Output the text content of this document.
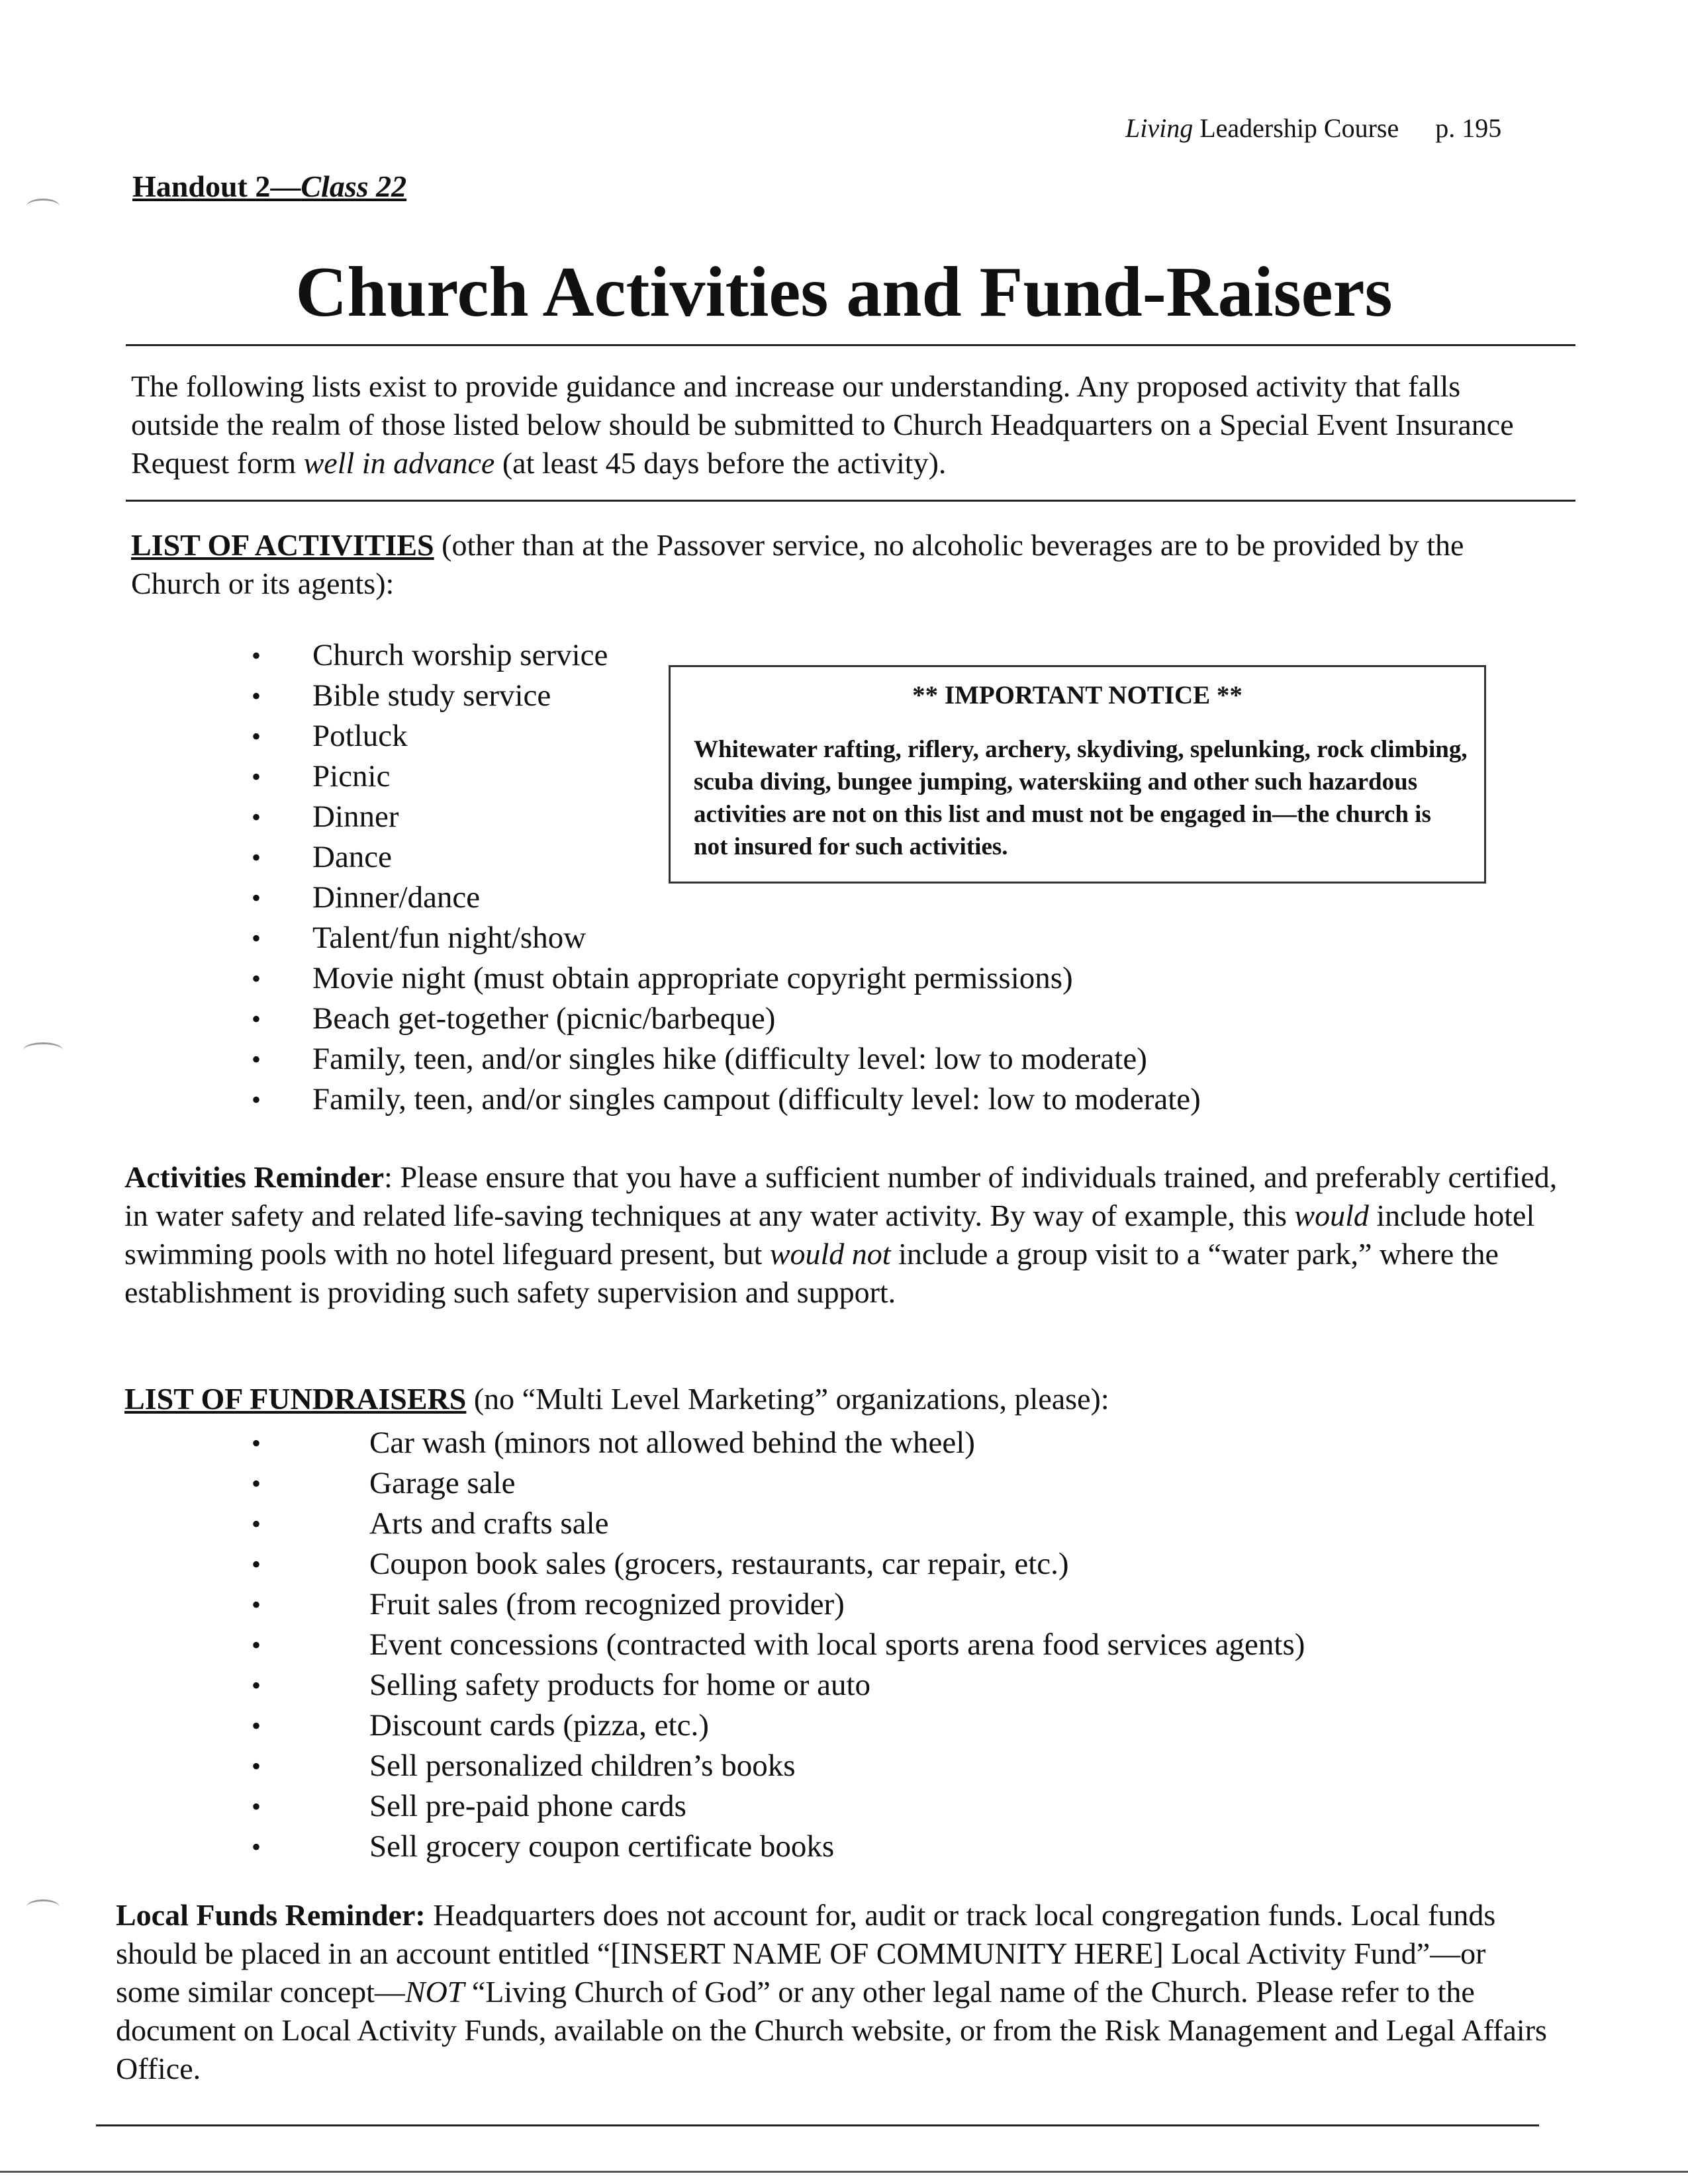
Living Leadership Course p. 195
Handout 2—Class 22
Church Activities and Fund-Raisers
The following lists exist to provide guidance and increase our understanding. Any proposed activity that falls outside the realm of those listed below should be submitted to Church Headquarters on a Special Event Insurance Request form well in advance (at least 45 days before the activity).
LIST OF ACTIVITIES (other than at the Passover service, no alcoholic beverages are to be provided by the Church or its agents):
• Church worship service
• Bible study service
• Potluck
• Picnic
• Dinner
• Dance
• Dinner/dance
• Talent/fun night/show
• Movie night (must obtain appropriate copyright permissions)
• Beach get-together (picnic/barbeque)
• Family, teen, and/or singles hike (difficulty level: low to moderate)
• Family, teen, and/or singles campout (difficulty level: low to moderate)
** IMPORTANT NOTICE **
Whitewater rafting, riflery, archery, skydiving, spelunking, rock climbing, scuba diving, bungee jumping, waterskiing and other such hazardous activities are not on this list and must not be engaged in—the church is not insured for such activities.
Activities Reminder: Please ensure that you have a sufficient number of individuals trained, and preferably certified, in water safety and related life-saving techniques at any water activity. By way of example, this would include hotel swimming pools with no hotel lifeguard present, but would not include a group visit to a “water park,” where the establishment is providing such safety supervision and support.
LIST OF FUNDRAISERS (no “Multi Level Marketing” organizations, please):
•	Car wash (minors not allowed behind the wheel)
•	Garage sale
•	Arts and crafts sale
•	Coupon book sales (grocers, restaurants, car repair, etc.)
•	Fruit sales (from recognized provider)
•	Event concessions (contracted with local sports arena food services agents)
•	Selling safety products for home or auto
•	Discount cards (pizza, etc.)
•	Sell personalized children’s books
•	Sell pre-paid phone cards
•	Sell grocery coupon certificate books
Local Funds Reminder: Headquarters does not account for, audit or track local congregation funds. Local funds should be placed in an account entitled “[INSERT NAME OF COMMUNITY HERE] Local Activity Fund”—or some similar concept—NOT “Living Church of God” or any other legal name of the Church. Please refer to the document on Local Activity Funds, available on the Church website, or from the Risk Management and Legal Affairs Office.
